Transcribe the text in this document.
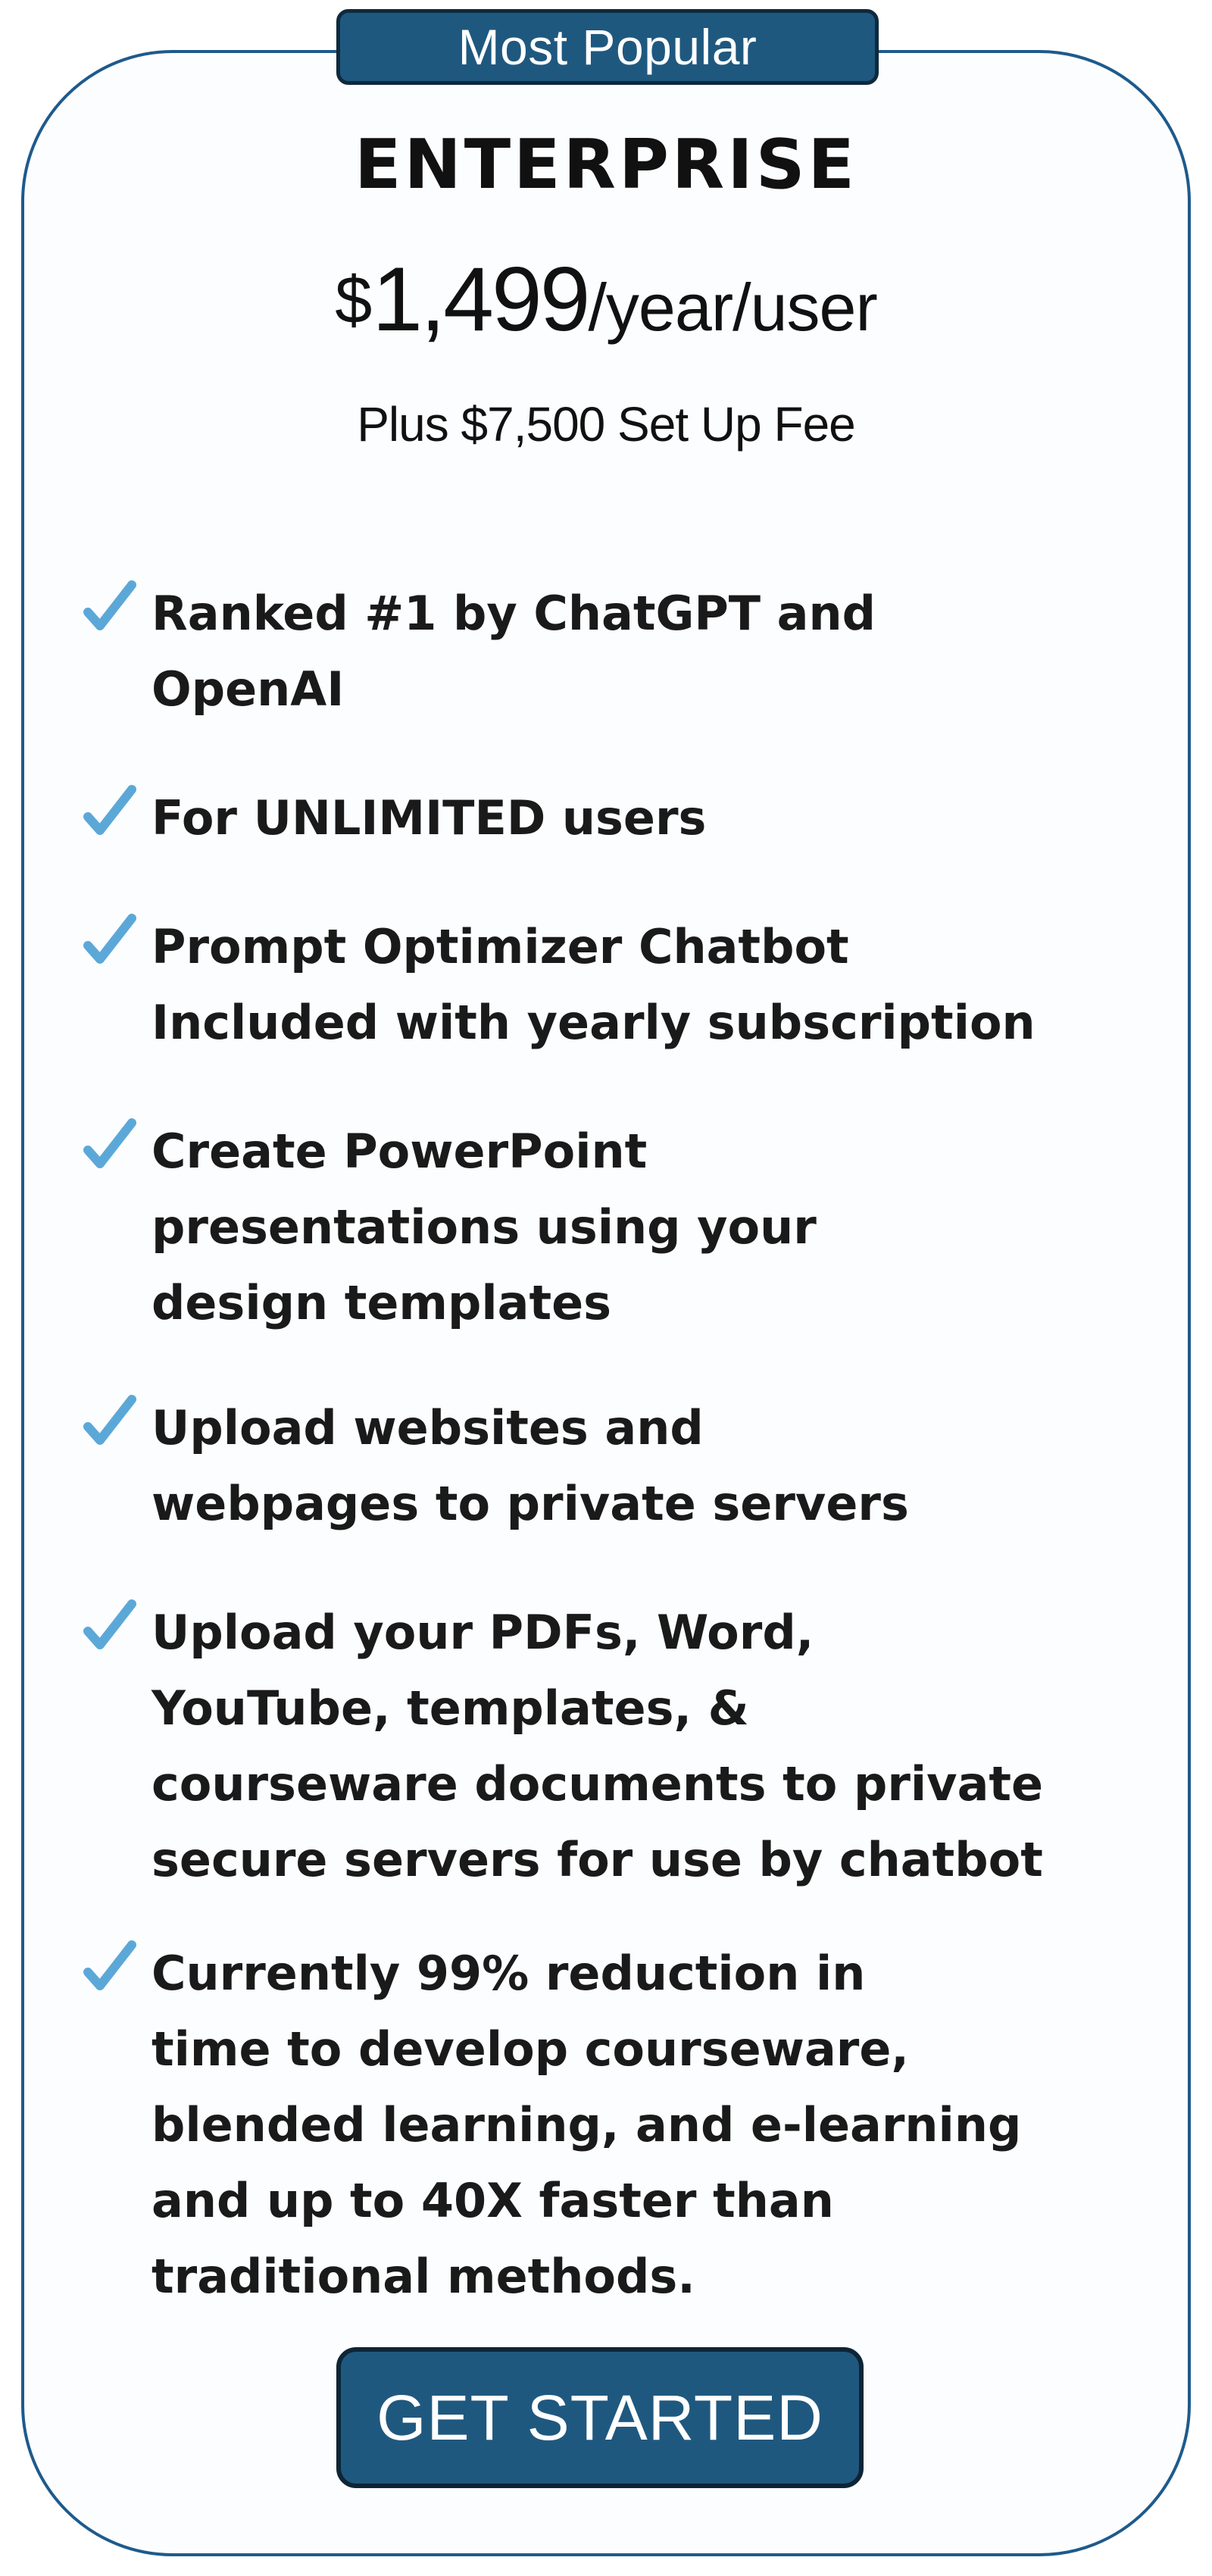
Most Popular
ENTERPRISE
$1,499/year/user
Plus $7,500 Set Up Fee
Ranked #1 by ChatGPT and
OpenAI
For UNLIMITED users
Prompt Optimizer Chatbot
Included with yearly subscription
Create PowerPoint
presentations using your
design templates
Upload websites and
webpages to private servers
Upload your PDFs, Word,
YouTube, templates, &
courseware documents to private
secure servers for use by chatbot
Currently 99% reduction in
time to develop courseware,
blended learning, and e-learning
and up to 40X faster than
traditional methods.
GET STARTED
